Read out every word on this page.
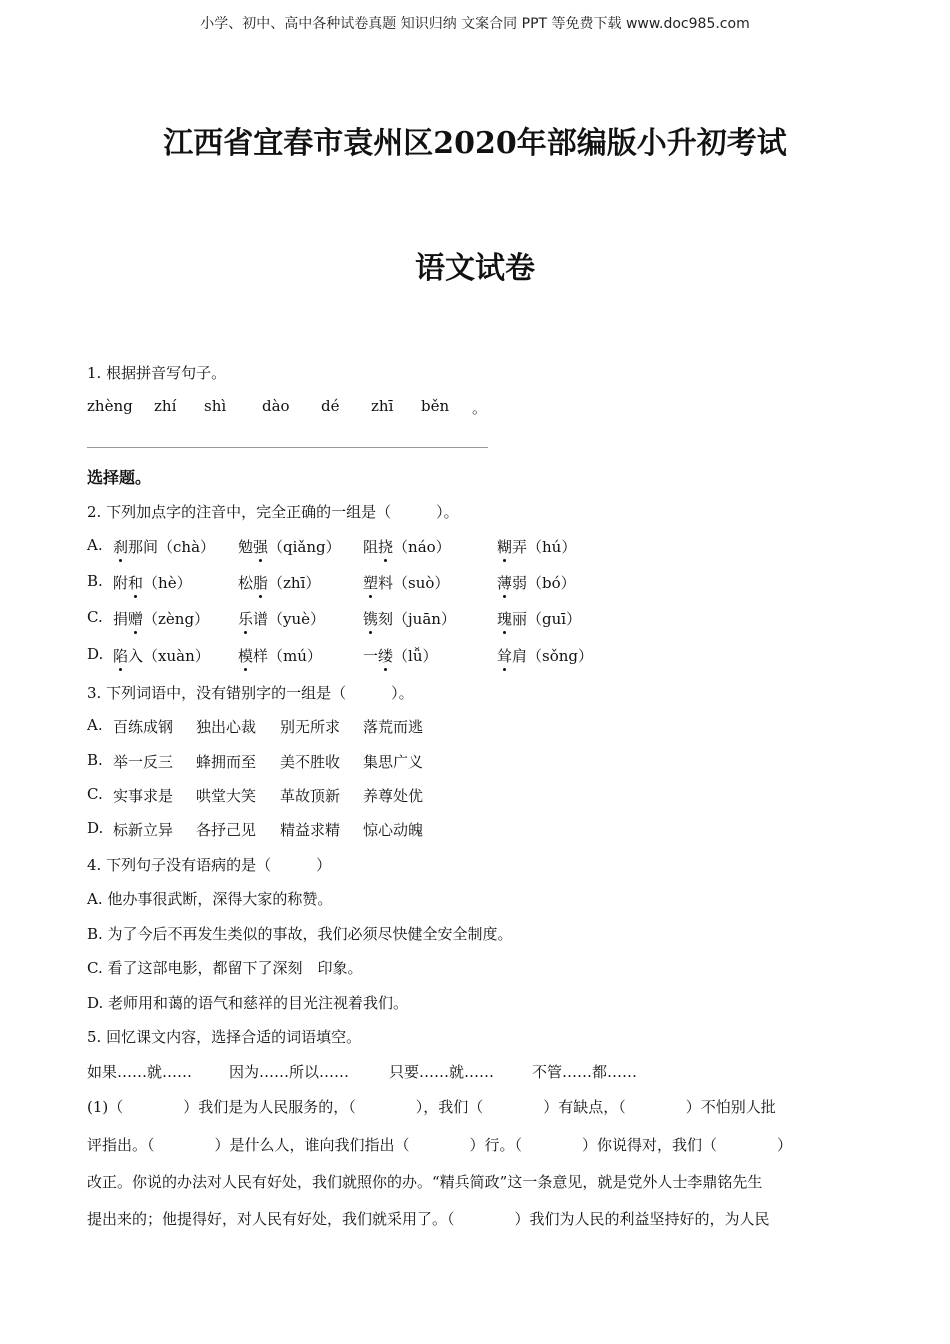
小学、初中、高中各种试卷真题 知识归纳 文案合同 PPT 等免费下载 www.doc985.com
江西省宜春市袁州区2020年部编版小升初考试
语文试卷
1. 根据拼音写句子。
zhèng zhí shì dào dé zhī běn 。
选择题。
2. 下列加点字的注音中，完全正确的一组是（　　　）。
A. 刹那间（chà） 勉强（qiǎng） 阻挠（náo）	糊弄（hú）
B. 附和（hè）	松脂（zhī）	塑料（suò）	薄弱（bó）
C. 捐赠（zèng） 乐谱（yuè）	镌刻（juān）	瑰丽（guī）
D. 陷入（xuàn） 模样（mú）	一缕（lǚ）	耸肩（sǒng）
3. 下列词语中，没有错别字的一组是（　　　）。
A. 百练成钢 独出心裁 别无所求 落荒而逃
B. 举一反三 蜂拥而至 美不胜收 集思广义
C. 实事求是 哄堂大笑 革故顶新 养尊处优
D. 标新立异 各抒己见 精益求精 惊心动魄
4. 下列句子没有语病的是（　　　）
A. 他办事很武断，深得大家的称赞。
B. 为了今后不再发生类似的事故，我们必须尽快健全安全制度。
C. 看了这部电影，都留下了深刻　印象。
D. 老师用和蔼的语气和慈祥的目光注视着我们。
5. 回忆课文内容，选择合适的词语填空。
如果……就…… 因为……所以……	只要……就……	不管……都……
(1)（　　　　）我们是为人民服务的，（　　　　），我们（　　　　）有缺点，（　　　　）不怕别人批
评指出。（　　　　）是什么人，谁向我们指出（　　　　）行。（　　　　）你说得对，我们（　　　　）
改正。你说的办法对人民有好处，我们就照你的办。“精兵简政”这一条意见，就是党外人士李鼎铭先生
提出来的；他提得好，对人民有好处，我们就采用了。（　　　　）我们为人民的利益坚持好的，为人民
